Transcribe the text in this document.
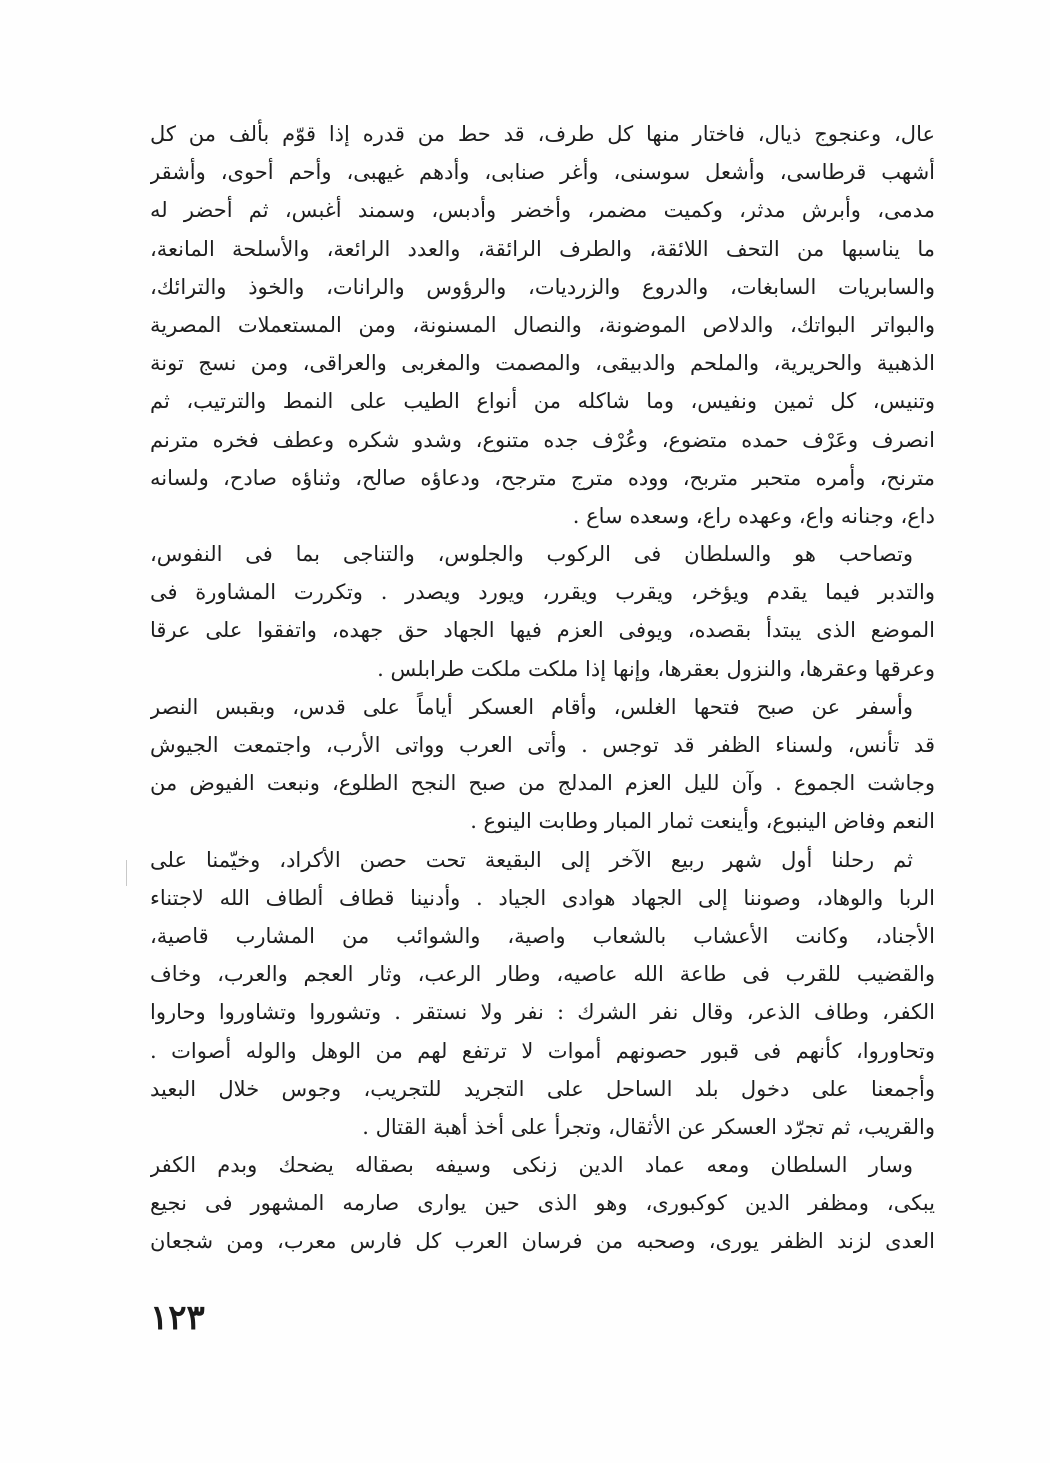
عال، وعنجوج ذيال، فاختار منها كل طرف، قد حط من قدره إذا قوّم بألف من كل
أشهب قرطاسى، وأشعل سوسنى، وأغر صنابى، وأدهم غيهبى، وأحم أحوى، وأشقر
مدمى، وأبرش مدثر، وكميت مضمر، وأخضر وأدبس، وسمند أغبس، ثم أحضر له
ما يناسبها من التحف اللائقة، والطرف الرائقة، والعدد الرائعة، والأسلحة المانعة،
والسابريات السابغات، والدروع والزرديات، والرؤوس والرانات، والخوذ والترائك،
والبواتر البواتك، والدلاص الموضونة، والنصال المسنونة، ومن المستعملات المصرية
الذهبية والحريرية، والملحم والدبيقى، والمصمت والمغربى والعراقى، ومن نسج تونة
وتنيس، كل ثمين ونفيس، وما شاكله من أنواع الطيب على النمط والترتيب، ثم
انصرف وعَرْف حمده متضوع، وعُرْف جده متنوع، وشدو شكره وعطف فخره مترنم
مترنح، وأمره متحبر متربح، ووده مترج مترجح، ودعاؤه صالح، وثناؤه صادح، ولسانه
داع، وجنانه واع، وعهده راع، وسعده ساع .
وتصاحب هو والسلطان فى الركوب والجلوس، والتناجى بما فى النفوس،
والتدبر فيما يقدم ويؤخر، ويقرب ويقرر، ويورد ويصدر . وتكررت المشاورة فى
الموضع الذى يبتدأ بقصده، ويوفى العزم فيها الجهاد حق جهده، واتفقوا على عرقا
وعرقها وعقرها، والنزول بعقرها، وإنها إذا ملكت ملكت طرابلس .
وأسفر عن صبح فتحها الغلس، وأقام العسكر أياماً على قدس، وبقبس النصر
قد تأنس، ولسناء الظفر قد توجس . وأتى العرب وواتى الأرب، واجتمعت الجيوش
وجاشت الجموع . وآن لليل العزم المدلج من صبح النجح الطلوع، ونبعت الفيوض من
النعم وفاض الينبوع، وأينعت ثمار المبار وطابت الينوع .
ثم رحلنا أول شهر ربيع الآخر إلى البقيعة تحت حصن الأكراد، وخيّمنا على
الربا والوهاد، وصوننا إلى الجهاد هوادى الجياد . وأدنينا قطاف ألطاف الله لاجتناء
الأجناد، وكانت الأعشاب بالشعاب واصية، والشوائب من المشارب قاصية،
والقضيب للقرب فى طاعة الله عاصيه، وطار الرعب، وثار العجم والعرب، وخاف
الكفر، وطاف الذعر، وقال نفر الشرك : نفر ولا نستقر . وتشوروا وتشاوروا وحاروا
وتحاوروا، كأنهم فى قبور حصونهم أموات لا ترتفع لهم من الوهل والوله أصوات .
وأجمعنا على دخول بلد الساحل على التجريد للتجريب، وجوس خلال البعيد
والقريب، ثم تجرّد العسكر عن الأثقال، وتجرأ على أخذ أهبة القتال .
وسار السلطان ومعه عماد الدين زنكى وسيفه بصقاله يضحك وبدم الكفر
يبكى، ومظفر الدين كوكبورى، وهو الذى حين يوارى صارمه المشهور فى نجيع
العدى لزند الظفر يورى، وصحبه من فرسان العرب كل فارس معرب، ومن شجعان
١٢٣
